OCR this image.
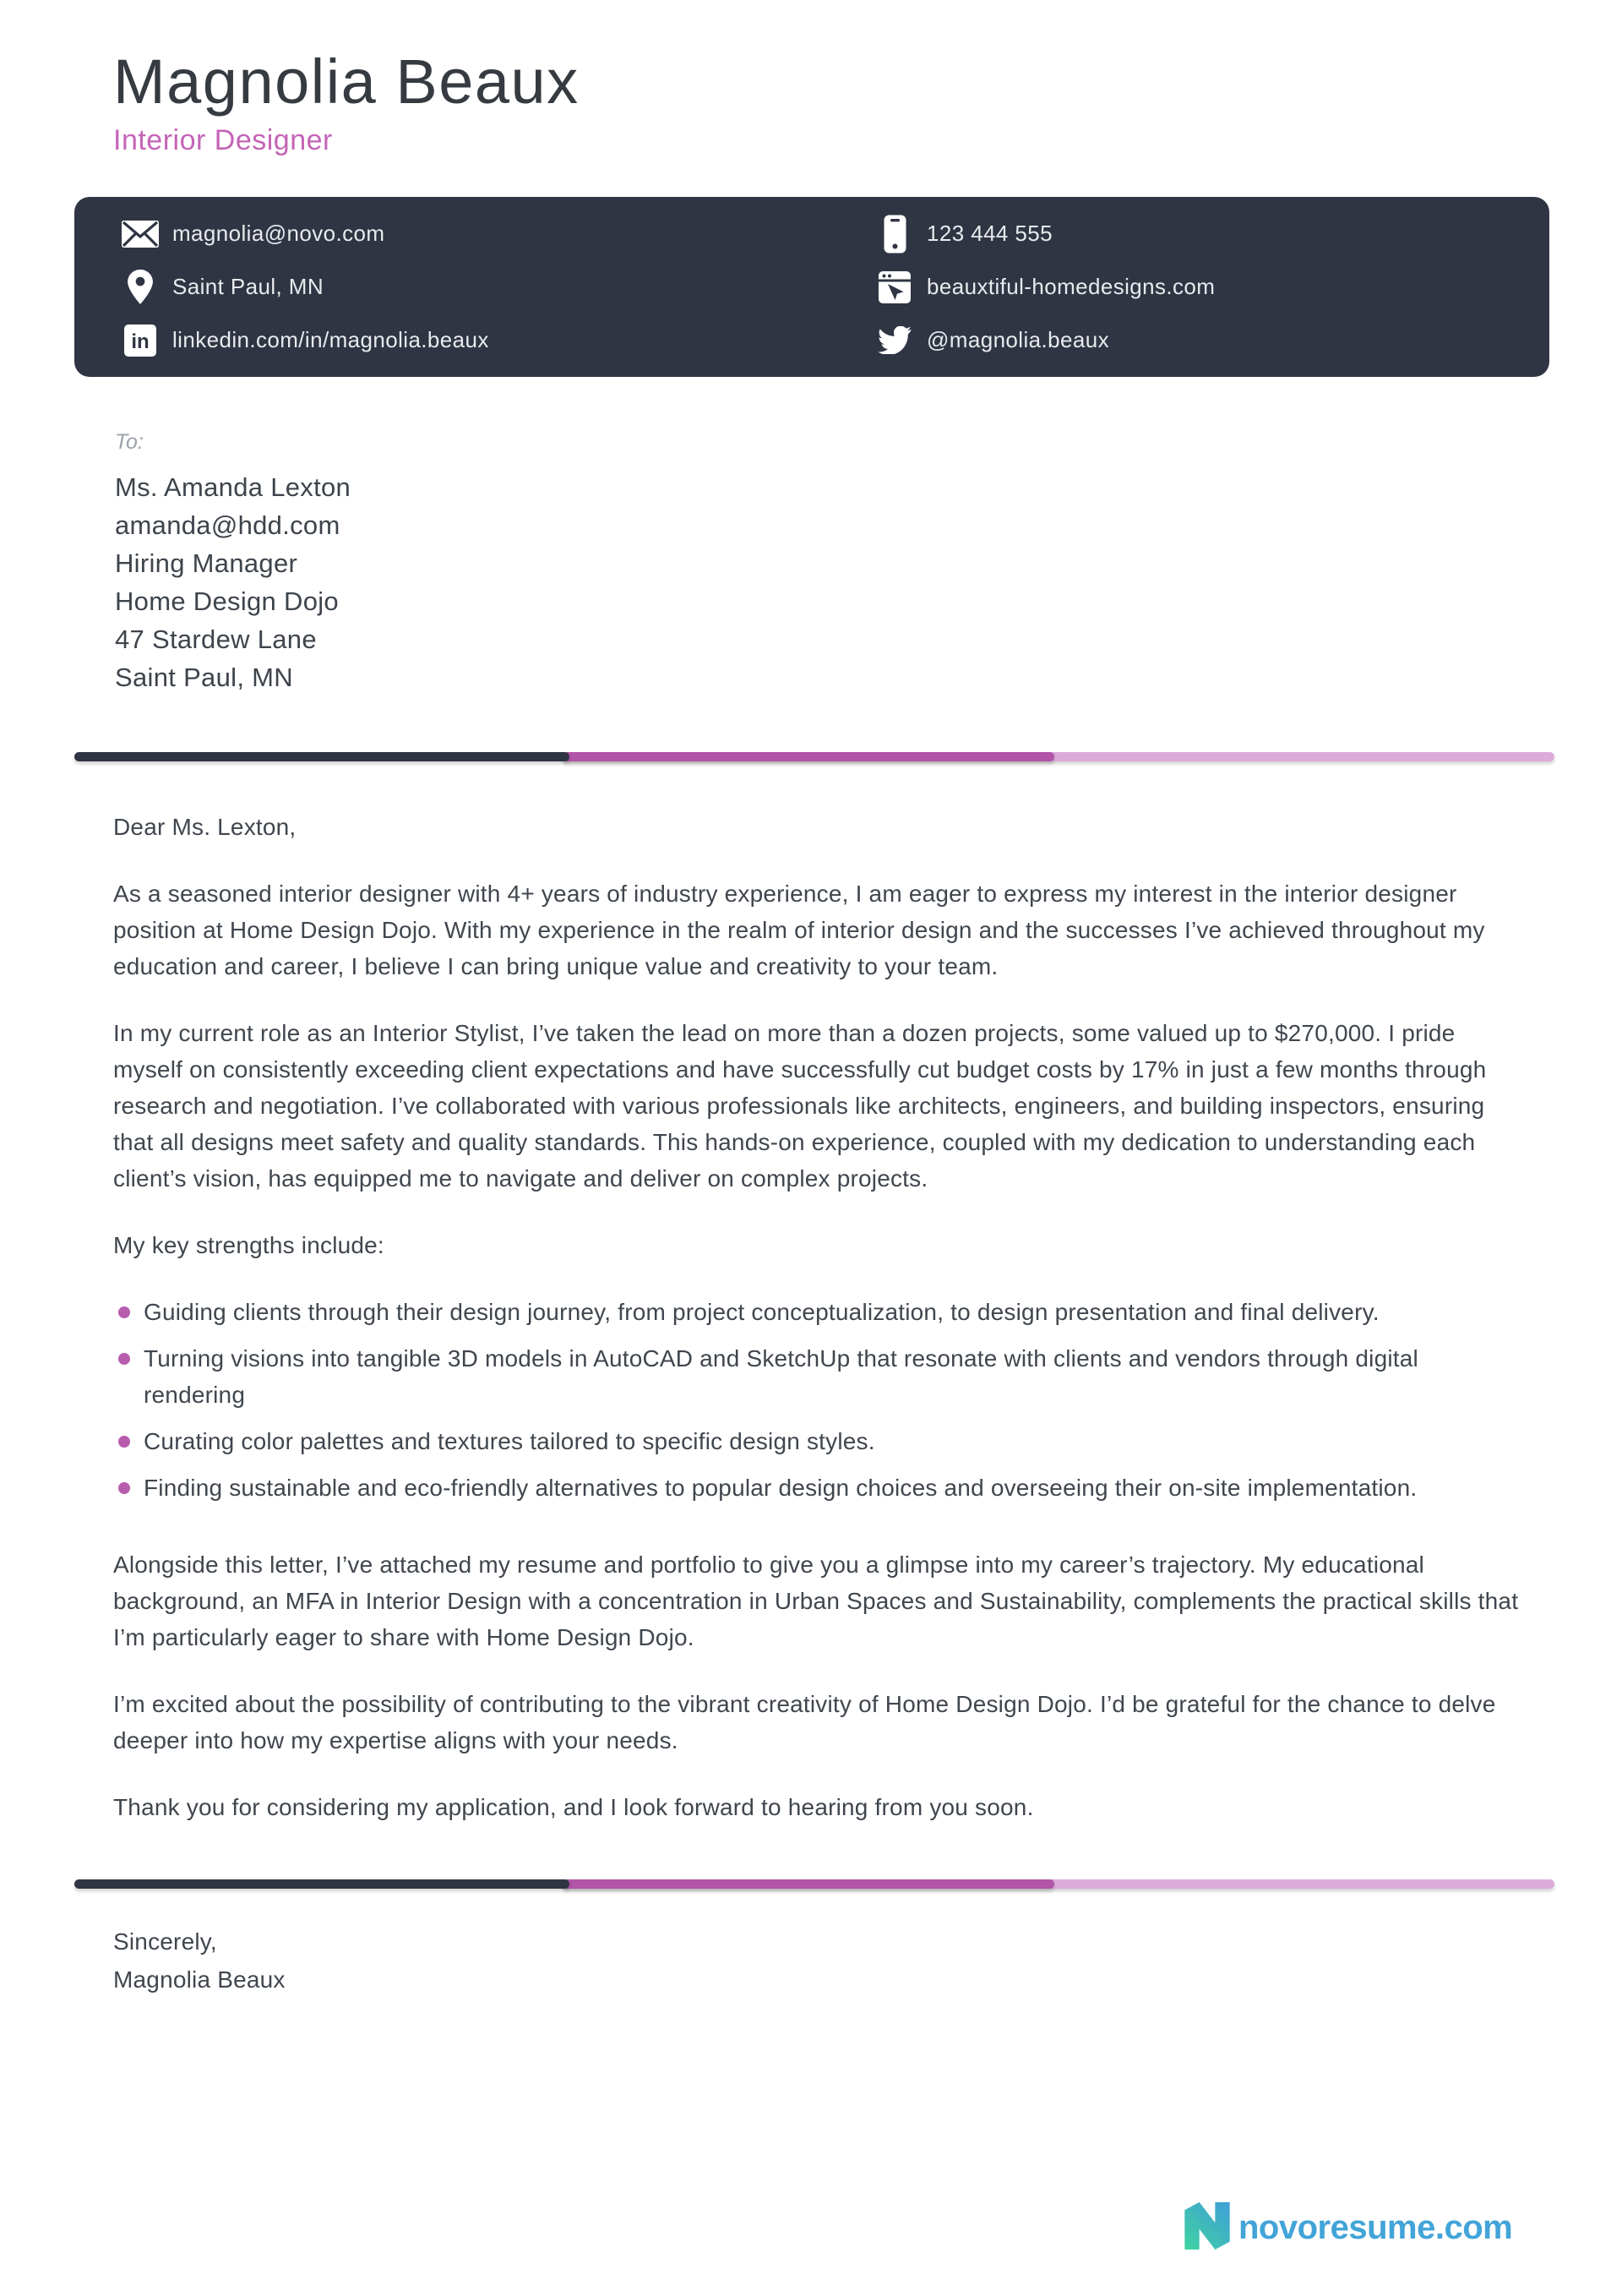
Magnolia Beaux
Interior Designer
magnolia@novo.com
Saint Paul, MN
in linkedin.com/in/magnolia.beaux
123 444 555
beauxtiful-homedesigns.com
@magnolia.beaux
To:
Ms. Amanda Lexton
amanda@hdd.com
Hiring Manager
Home Design Dojo
47 Stardew Lane
Saint Paul, MN

Dear Ms. Lexton,

As a seasoned interior designer with 4+ years of industry experience, I am eager to express my interest in the interior designer position at Home Design Dojo. With my experience in the realm of interior design and the successes I’ve achieved throughout my education and career, I believe I can bring unique value and creativity to your team.

In my current role as an Interior Stylist, I’ve taken the lead on more than a dozen projects, some valued up to $270,000. I pride myself on consistently exceeding client expectations and have successfully cut budget costs by 17% in just a few months through research and negotiation. I’ve collaborated with various professionals like architects, engineers, and building inspectors, ensuring that all designs meet safety and quality standards. This hands-on experience, coupled with my dedication to understanding each client’s vision, has equipped me to navigate and deliver on complex projects.

My key strengths include:

Guiding clients through their design journey, from project conceptualization, to design presentation and final delivery.
Turning visions into tangible 3D models in AutoCAD and SketchUp that resonate with clients and vendors through digital rendering
Curating color palettes and textures tailored to specific design styles.
Finding sustainable and eco-friendly alternatives to popular design choices and overseeing their on-site implementation.

Alongside this letter, I’ve attached my resume and portfolio to give you a glimpse into my career’s trajectory. My educational background, an MFA in Interior Design with a concentration in Urban Spaces and Sustainability, complements the practical skills that I’m particularly eager to share with Home Design Dojo.

I’m excited about the possibility of contributing to the vibrant creativity of Home Design Dojo. I’d be grateful for the chance to delve deeper into how my expertise aligns with your needs.

Thank you for considering my application, and I look forward to hearing from you soon.

Sincerely,
Magnolia Beaux
novoresume.com
